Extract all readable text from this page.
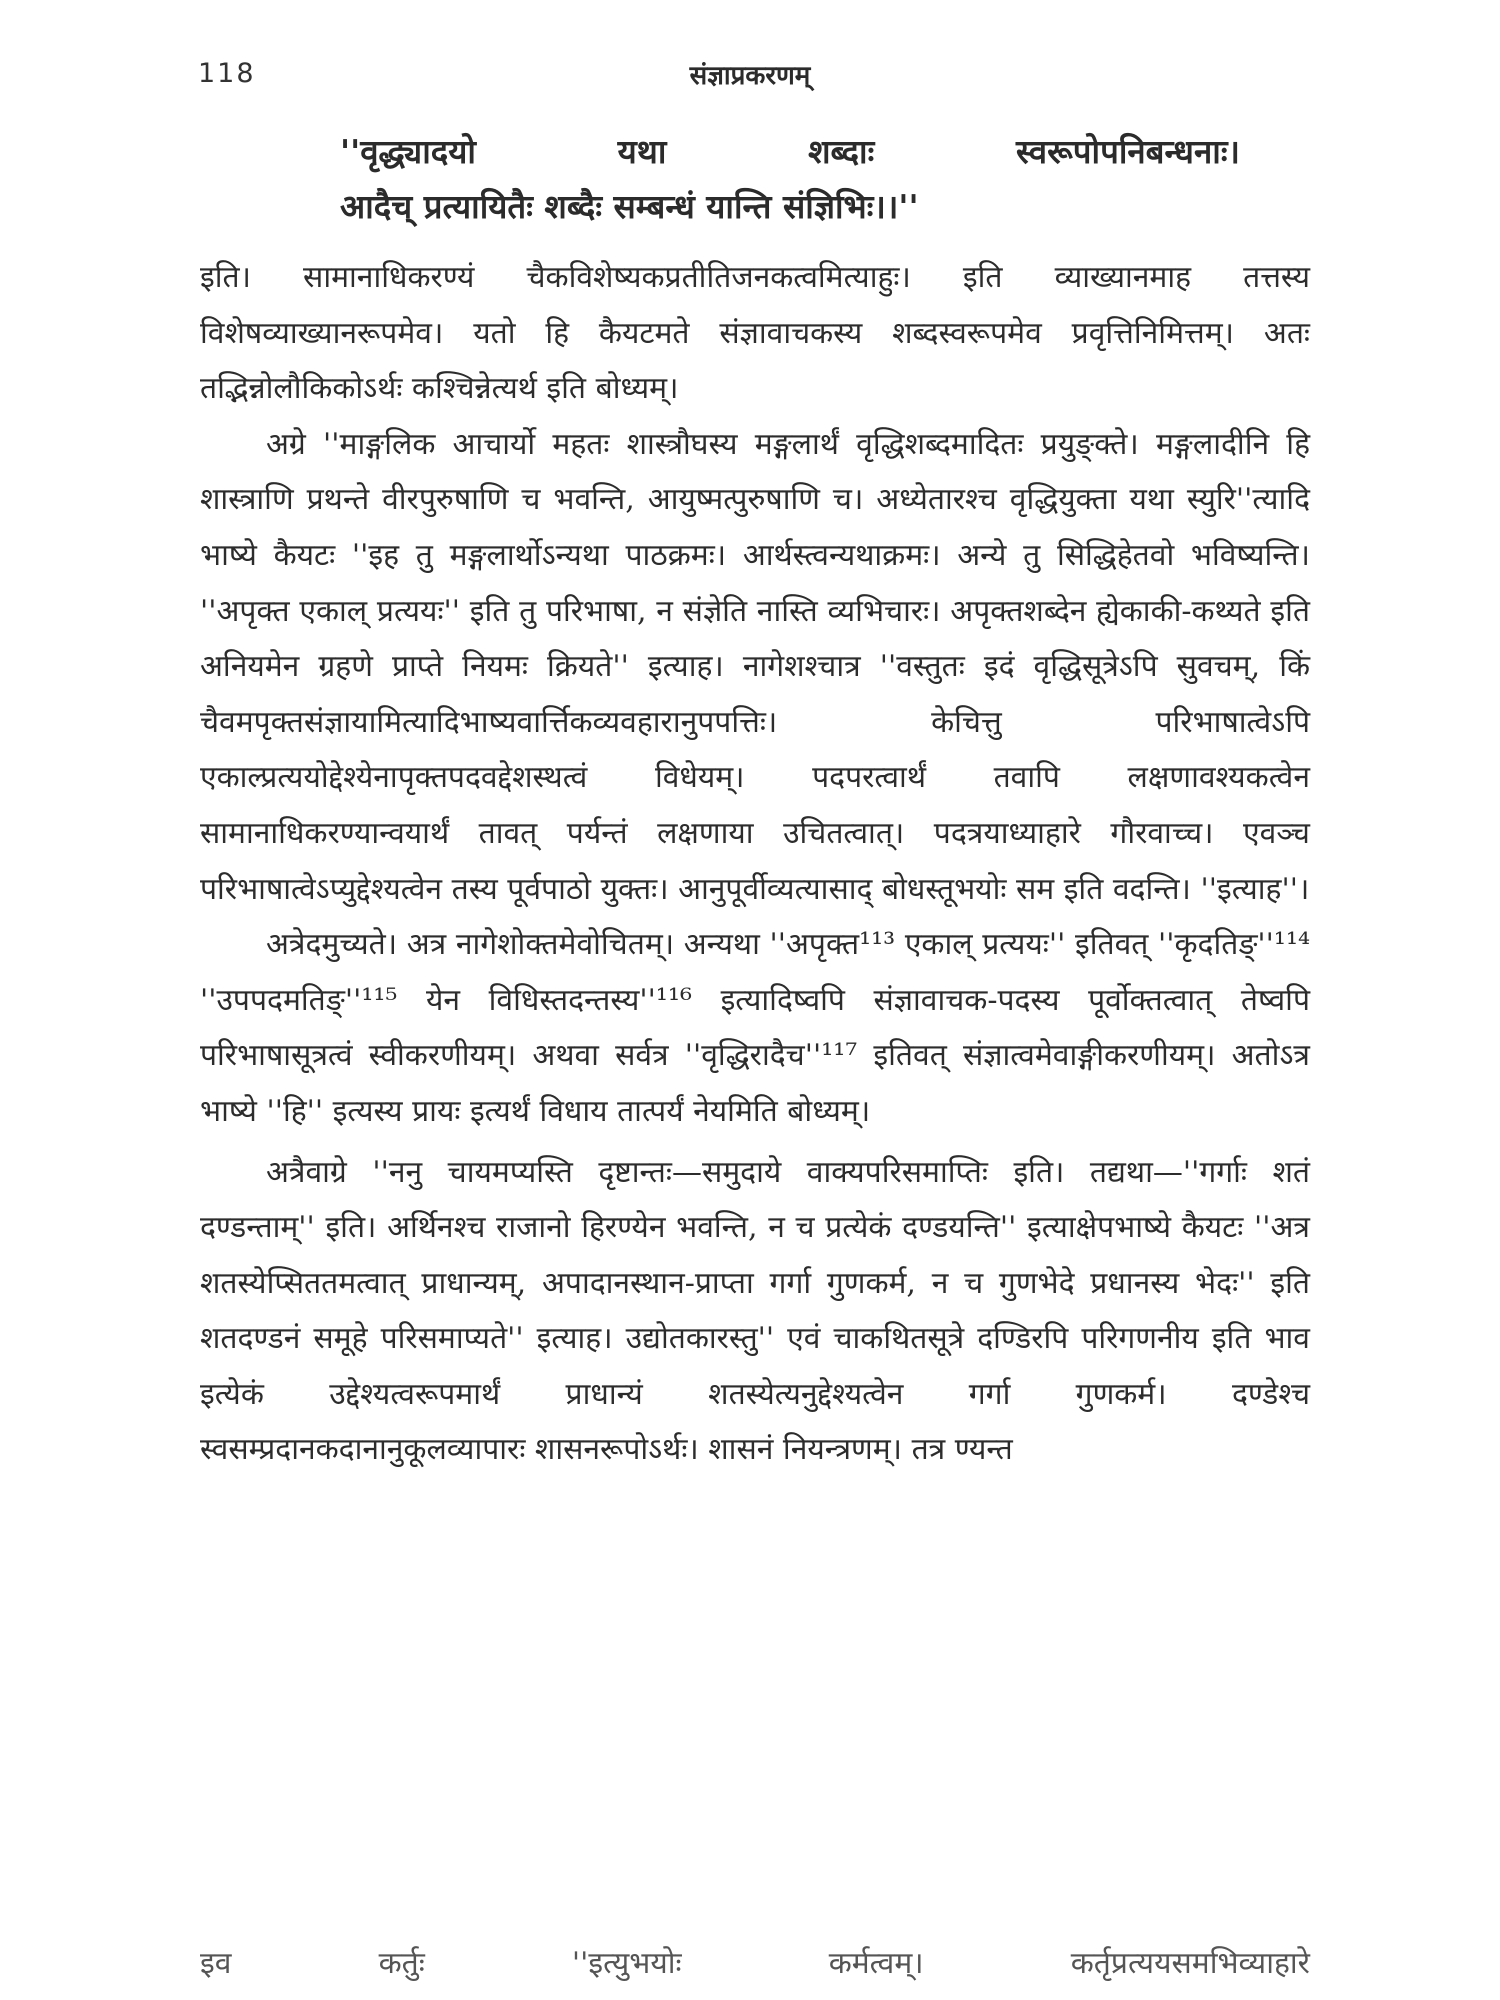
118	संज्ञाप्रकरणम्
''वृद्ध्यादयो यथा शब्दाः स्वरूपोपनिबन्धनाः।
आदैच् प्रत्यायितैः शब्दैः सम्बन्धं यान्ति संज्ञिभिः।।''

इति। सामानाधिकरण्यं चैकविशेष्यकप्रतीतिजनकत्वमित्याहुः। इति व्याख्यानमाह तत्तस्य विशेषव्याख्यानरूपमेव। यतो हि कैयटमते संज्ञावाचकस्य शब्दस्वरूपमेव प्रवृत्तिनिमित्तम्। अतः तद्भिन्नोलौकिकोऽर्थः कश्चिन्नेत्यर्थ इति बोध्यम्।

अग्रे ''माङ्गलिक आचार्यो महतः शास्त्रौघस्य मङ्गलार्थं वृद्धिशब्दमादितः प्रयुङ्क्ते। मङ्गलादीनि हि शास्त्राणि प्रथन्ते वीरपुरुषाणि च भवन्ति, आयुष्मत्पुरुषाणि च। अध्येतारश्च वृद्धियुक्ता यथा स्युरि''त्यादि भाष्ये कैयटः ''इह तु मङ्गलार्थोऽन्यथा पाठक्रमः। आर्थस्त्वन्यथाक्रमः। अन्ये तु सिद्धिहेतवो भविष्यन्ति। ''अपृक्त एकाल् प्रत्ययः'' इति तु परिभाषा, न संज्ञेति नास्ति व्यभिचारः। अपृक्तशब्देन ह्येकाकी-कथ्यते इति अनियमेन ग्रहणे प्राप्ते नियमः क्रियते'' इत्याह। नागेशश्चात्र ''वस्तुतः इदं वृद्धिसूत्रेऽपि सुवचम्, किं चैवमपृक्तसंज्ञायामित्यादिभाष्यवार्त्तिकव्यवहारानुपपत्तिः। केचित्तु परिभाषात्वेऽपि एकाल्प्रत्ययोद्देश्येनापृक्तपदवद्देशस्थत्वं विधेयम्। पदपरत्वार्थं तवापि लक्षणावश्यकत्वेन सामानाधिकरण्यान्वयार्थं तावत् पर्यन्तं लक्षणाया उचितत्वात्। पदत्रयाध्याहारे गौरवाच्च। एवञ्च परिभाषात्वेऽप्युद्देश्यत्वेन तस्य पूर्वपाठो युक्तः। आनुपूर्वीव्यत्यासाद् बोधस्तूभयोः सम इति वदन्ति। ''इत्याह''।

अत्रेदमुच्यते। अत्र नागेशोक्तमेवोचितम्। अन्यथा ''अपृक्त¹¹³ एकाल् प्रत्ययः'' इतिवत् ''कृदतिङ्''¹¹⁴ ''उपपदमतिङ्''¹¹⁵ येन विधिस्तदन्तस्य''¹¹⁶ इत्यादिष्वपि संज्ञावाचक-पदस्य पूर्वोक्तत्वात् तेष्वपि परिभाषासूत्रत्वं स्वीकरणीयम्। अथवा सर्वत्र ''वृद्धिरादैच''¹¹⁷ इतिवत् संज्ञात्वमेवाङ्गीकरणीयम्। अतोऽत्र भाष्ये ''हि'' इत्यस्य प्रायः इत्यर्थं विधाय तात्पर्यं नेयमिति बोध्यम्।

अत्रैवाग्रे ''ननु चायमप्यस्ति दृष्टान्तः—समुदाये वाक्यपरिसमाप्तिः इति। तद्यथा—''गर्गाः शतं दण्डन्ताम्'' इति। अर्थिनश्च राजानो हिरण्येन भवन्ति, न च प्रत्येकं दण्डयन्ति'' इत्याक्षेपभाष्ये कैयटः ''अत्र शतस्येप्सिततमत्वात् प्राधान्यम्, अपादानस्थान-प्राप्ता गर्गा गुणकर्म, न च गुणभेदे प्रधानस्य भेदः'' इति शतदण्डनं समूहे परिसमाप्यते'' इत्याह। उद्योतकारस्तु'' एवं चाकथितसूत्रे दण्डिरपि परिगणनीय इति भाव इत्येकं उद्देश्यत्वरूपमार्थं प्राधान्यं शतस्येत्यनुद्देश्यत्वेन गर्गा गुणकर्म। दण्डेश्च स्वसम्प्रदानकदानानुकूलव्यापारः शासनरूपोऽर्थः। शासनं नियन्त्रणम्। तत्र ण्यन्त

इव	कर्तुः	''इत्युभयोः	कर्मत्वम्।	कर्तृप्रत्ययसमभिव्याहारे
